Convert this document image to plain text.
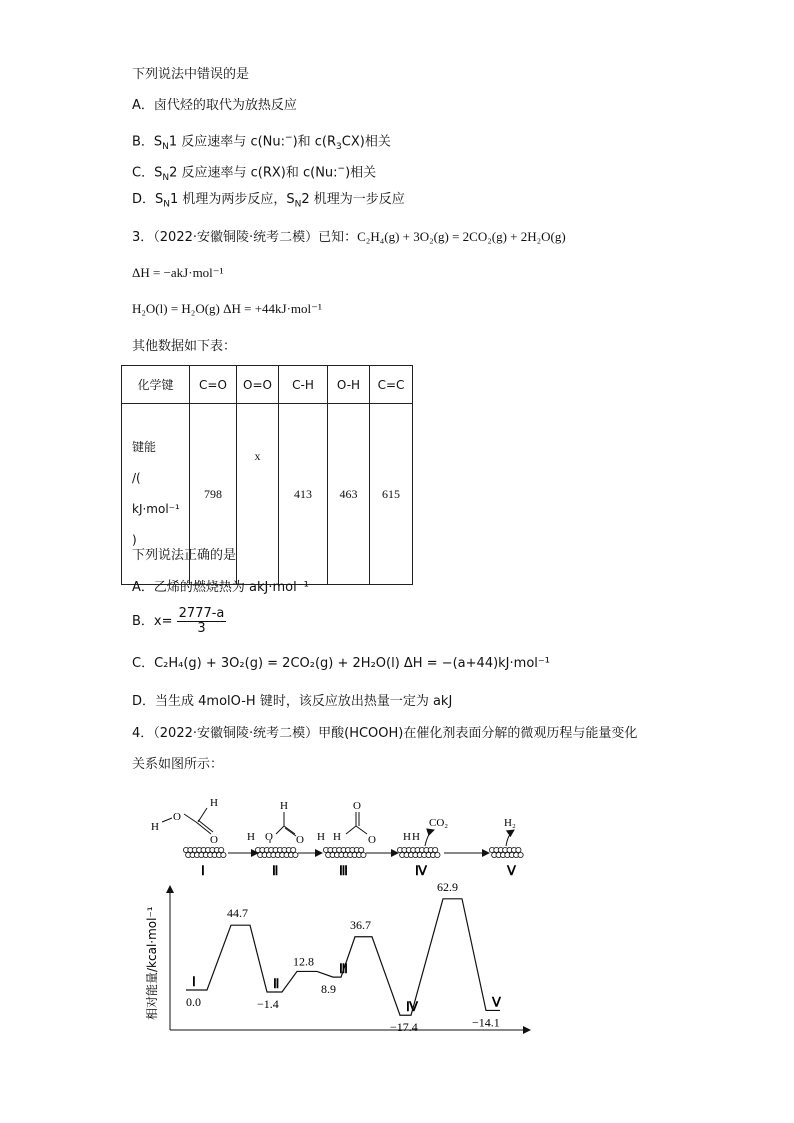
下列说法中错误的是
A．卤代烃的取代为放热反应
B．$S_N1$ 反应速率与 c(Nu:−)和 $c(R_3CX)$相关
C．$S_N2$ 反应速率与 c(RX)和 c(Nu:−)相关
D．$S_N1$ 机理为两步反应，$S_N2$ 机理为一步反应
3．（2022·安徽铜陵·统考二模）已知：C₂H₄(g) + 3O₂(g) = 2CO₂(g) + 2H₂O(g)
ΔH = −akJ·mol⁻¹
H₂O(l) = H₂O(g) ΔH = +44kJ·mol⁻¹
其他数据如下表：
化学键	C=O	O=O	C-H	O-H	C=C

键能
/(
kJ·mol⁻¹
)	798	x	413	463	615
下列说法正确的是
A．乙烯的燃烧热为 akJ·mol⁻¹
B．$x= \frac{2777-a}{3}$
C．C₂H₄(g) + 3O₂(g) = 2CO₂(g) + 2H₂O(l) ΔH = −(a+44)kJ·mol⁻¹
D．当生成 4molO-H 键时，该反应放出热量一定为 akJ
4．（2022·安徽铜陵·统考二模）甲酸(HCOOH)在催化剂表面分解的微观历程与能量变化
关系如图所示：
H
O
H
O	H O
H
O H H
O
O H H
CO₂	H₂
Ⅰ	Ⅱ	Ⅲ	Ⅳ	Ⅴ
相对能量/kcal·mol⁻¹ 0.0
Ⅰ
44.7
−1.4
Ⅱ
12.8
8.9
Ⅲ
36.7
−17.4
Ⅳ
62.9
−14.1
Ⅴ
